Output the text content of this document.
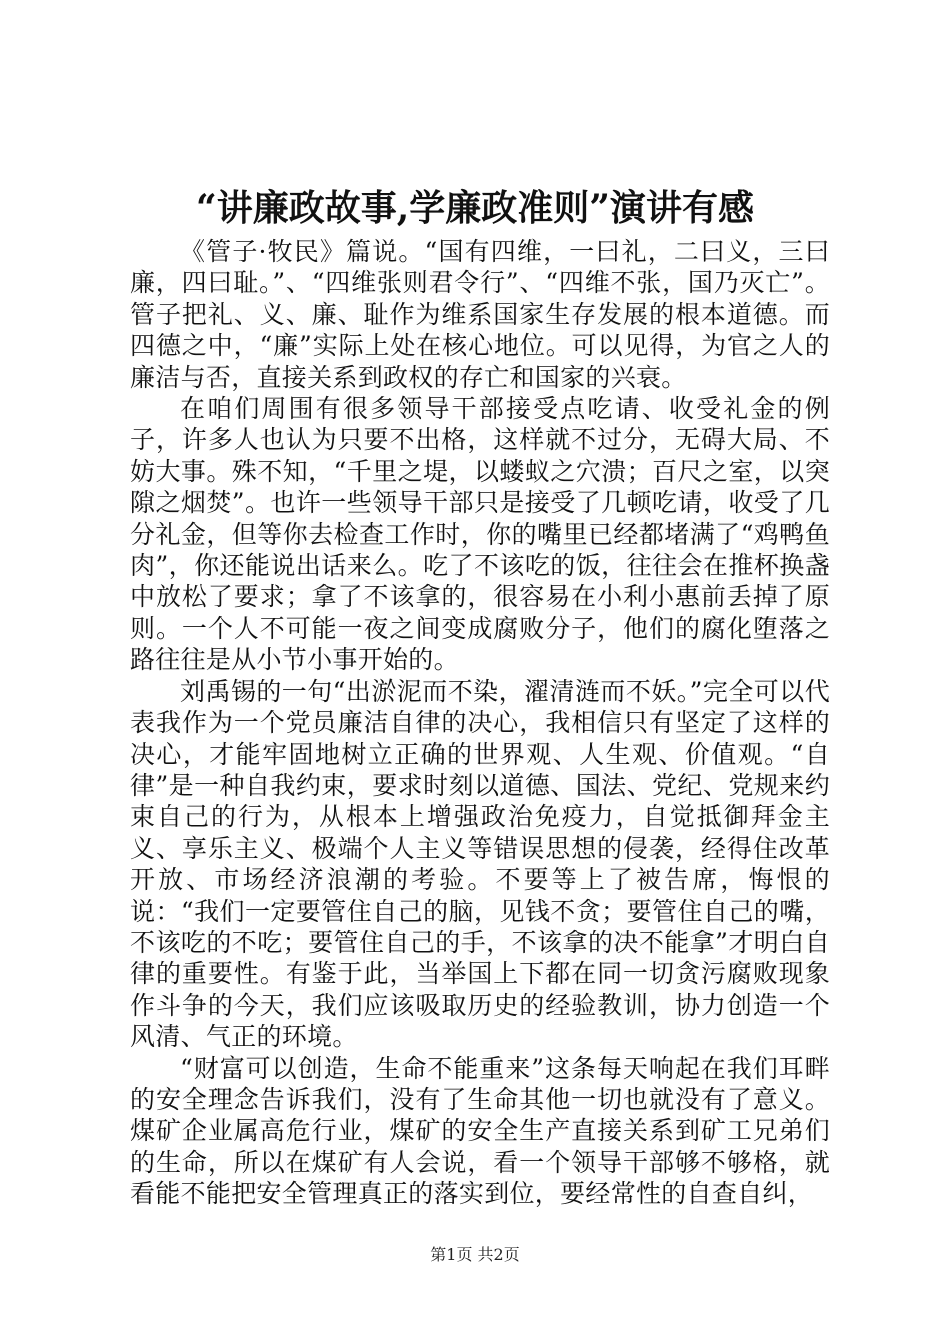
“讲廉政故事,学廉政准则”演讲有感

《管子·牧民》篇说。“国有四维，一曰礼，二曰义，三曰廉，四曰耻。”、“四维张则君令行”、“四维不张，国乃灭亡”。管子把礼、义、廉、耻作为维系国家生存发展的根本道德。而四德之中，“廉”实际上处在核心地位。可以见得，为官之人的廉洁与否，直接关系到政权的存亡和国家的兴衰。

在咱们周围有很多领导干部接受点吃请、收受礼金的例子，许多人也认为只要不出格，这样就不过分，无碍大局、不妨大事。殊不知，“千里之堤，以蝼蚁之穴溃；百尺之室，以突隙之烟焚”。也许一些领导干部只是接受了几顿吃请，收受了几分礼金，但等你去检查工作时，你的嘴里已经都堵满了“鸡鸭鱼肉”，你还能说出话来么。吃了不该吃的饭，往往会在推杯换盏中放松了要求；拿了不该拿的，很容易在小利小惠前丢掉了原则。一个人不可能一夜之间变成腐败分子，他们的腐化堕落之路往往是从小节小事开始的。

刘禹锡的一句“出淤泥而不染，濯清涟而不妖。”完全可以代表我作为一个党员廉洁自律的决心，我相信只有坚定了这样的决心，才能牢固地树立正确的世界观、人生观、价值观。“自律”是一种自我约束，要求时刻以道德、国法、党纪、党规来约束自己的行为，从根本上增强政治免疫力，自觉抵御拜金主义、享乐主义、极端个人主义等错误思想的侵袭，经得住改革开放、市场经济浪潮的考验。不要等上了被告席，悔恨的说：“我们一定要管住自己的脑，见钱不贪；要管住自己的嘴，不该吃的不吃；要管住自己的手，不该拿的决不能拿”才明白自律的重要性。有鉴于此，当举国上下都在同一切贪污腐败现象作斗争的今天，我们应该吸取历史的经验教训，协力创造一个风清、气正的环境。

“财富可以创造，生命不能重来”这条每天响起在我们耳畔的安全理念告诉我们，没有了生命其他一切也就没有了意义。煤矿企业属高危行业，煤矿的安全生产直接关系到矿工兄弟们的生命，所以在煤矿有人会说，看一个领导干部够不够格，就看能不能把安全管理真正的落实到位，要经常性的自查自纠，

第1页 共2页
